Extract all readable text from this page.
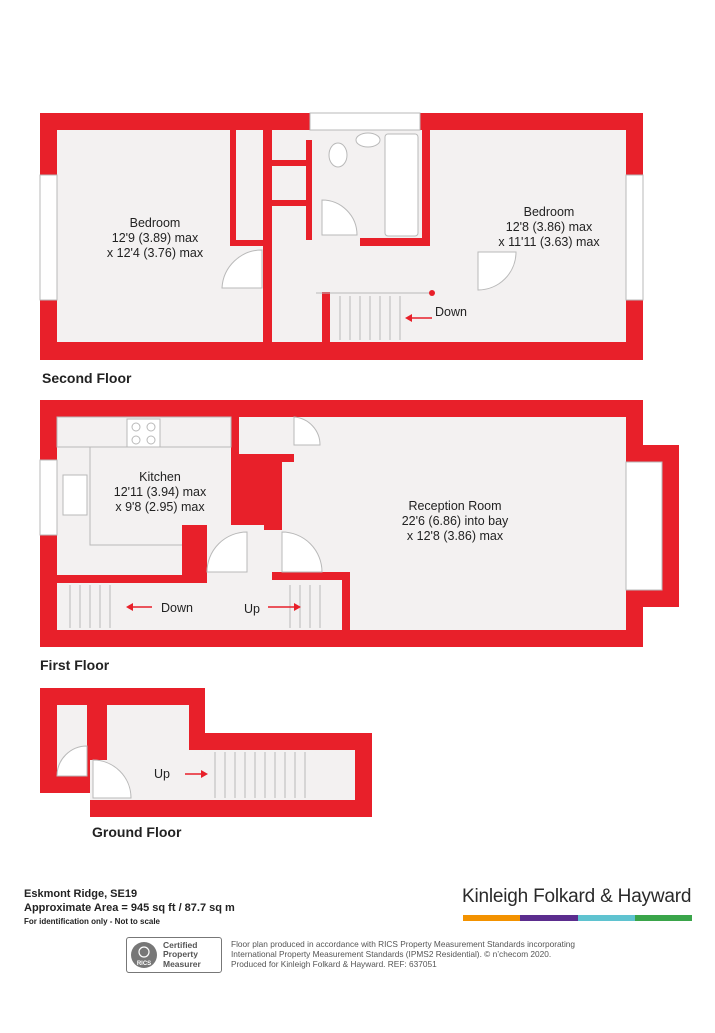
Bedroom
12'9 (3.89) max
x 12'4 (3.76) max
Bedroom
12'8 (3.86) max
x 11'11 (3.63) max
Down
Second Floor
Kitchen
12'11 (3.94) max
x 9'8 (2.95) max	Reception Room
22'6 (6.86) into bay
x 12'8 (3.86) max
Down	Up
First Floor
Up
Ground Floor
Eskmont Ridge, SE19
Approximate Area = 945 sq ft / 87.7 sq m
For identification only - Not to scale
Kinleigh Folkard & Hayward
RICS
Certified
Property
Measurer
Floor plan produced in accordance with RICS Property Measurement Standards incorporating
International Property Measurement Standards (IPMS2 Residential). © n’checom 2020.
Produced for Kinleigh Folkard & Hayward. REF: 637051
